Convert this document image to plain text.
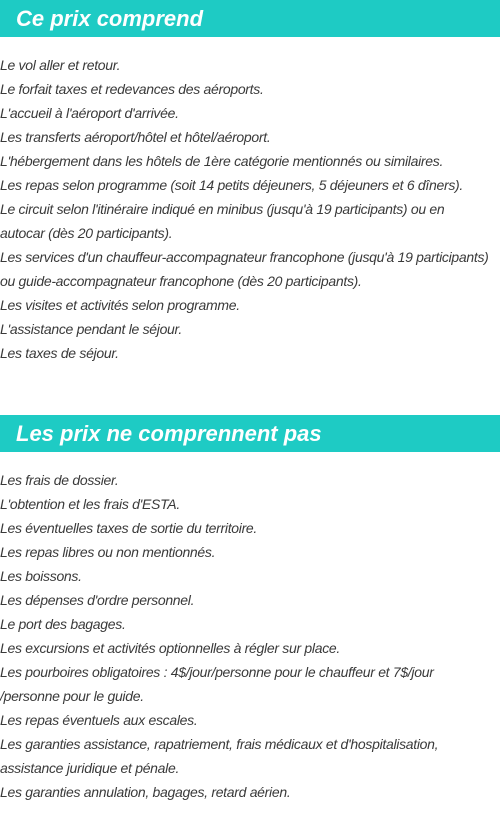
Ce prix comprend
Le vol aller et retour.
Le forfait taxes et redevances des aéroports.
L'accueil à l'aéroport d'arrivée.
Les transferts aéroport/hôtel et hôtel/aéroport.
L'hébergement dans les hôtels de 1ère catégorie mentionnés ou similaires.
Les repas selon programme (soit 14 petits déjeuners, 5 déjeuners et 6 dîners).
Le circuit selon l'itinéraire indiqué en minibus (jusqu'à 19 participants) ou en autocar (dès 20 participants).
Les services d'un chauffeur-accompagnateur francophone (jusqu'à 19 participants) ou guide-accompagnateur francophone (dès 20 participants).
Les visites et activités selon programme.
L'assistance pendant le séjour.
Les taxes de séjour.
Les prix ne comprennent pas
Les frais de dossier.
L'obtention et les frais d'ESTA.
Les éventuelles taxes de sortie du territoire.
Les repas libres ou non mentionnés.
Les boissons.
Les dépenses d'ordre personnel.
Le port des bagages.
Les excursions et activités optionnelles à régler sur place.
Les pourboires obligatoires : 4$/jour/personne pour le chauffeur et 7$/jour /personne pour le guide.
Les repas éventuels aux escales.
Les garanties assistance, rapatriement, frais médicaux et d'hospitalisation, assistance juridique et pénale.
Les garanties annulation, bagages, retard aérien.
